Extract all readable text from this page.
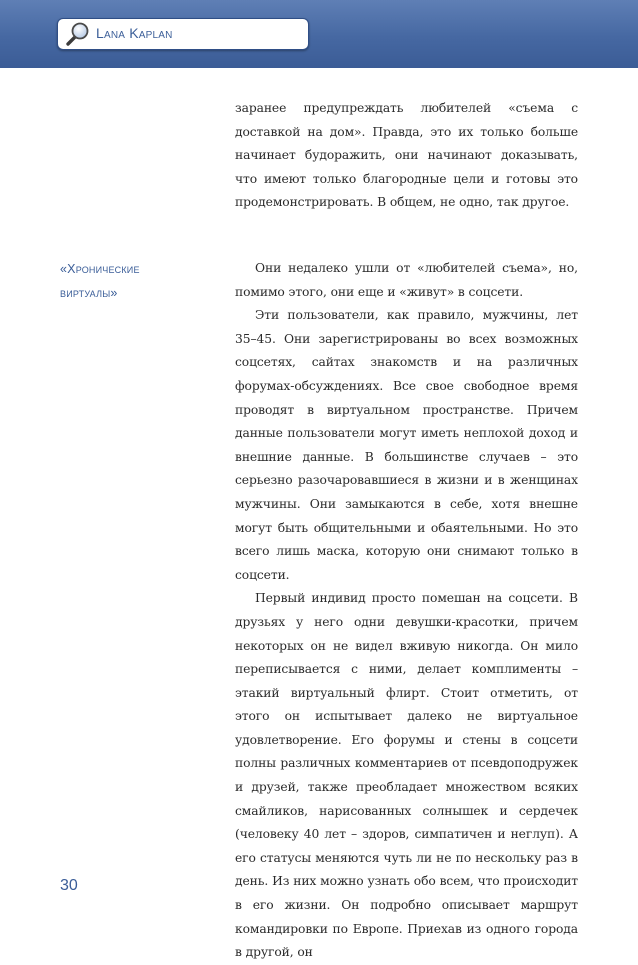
Lana Kaplan

заранее предупреждать любителей «съема с доставкой на дом». Правда, это их только больше начинает будоражить, они начинают доказывать, что имеют только благородные цели и готовы это продемонстрировать. В общем, не одно, так другое.

«Хронические
виртуалы»

Они недалеко ушли от «любителей съема», но, помимо этого, они еще и «живут» в соцсети.

Эти пользователи, как правило, мужчины, лет 35–45. Они зарегистрированы во всех возможных соцсетях, сайтах знакомств и на различных форумах-обсуждениях. Все свое свободное время проводят в виртуальном пространстве. Причем данные пользователи могут иметь неплохой доход и внешние данные. В большинстве случаев – это серьезно разочаровавшиеся в жизни и в женщинах мужчины. Они замыкаются в себе, хотя внешне могут быть общительными и обаятельными. Но это всего лишь маска, которую они снимают только в соцсети.

Первый индивид просто помешан на соцсети. В друзьях у него одни девушки-красотки, причем некоторых он не видел вживую никогда. Он мило переписывается с ними, делает комплименты – этакий виртуальный флирт. Стоит отметить, от этого он испытывает далеко не виртуальное удовлетворение. Его форумы и стены в соцсети полны различных комментариев от псевдоподружек и друзей, также преобладает множеством всяких смайликов, нарисованных солнышек и сердечек (человеку 40 лет – здоров, симпатичен и неглуп). А его статусы меняются чуть ли не по нескольку раз в день. Из них можно узнать обо всем, что происходит в его жизни. Он подробно описывает маршрут командировки по Европе. Приехав из одного города в другой, он

30
